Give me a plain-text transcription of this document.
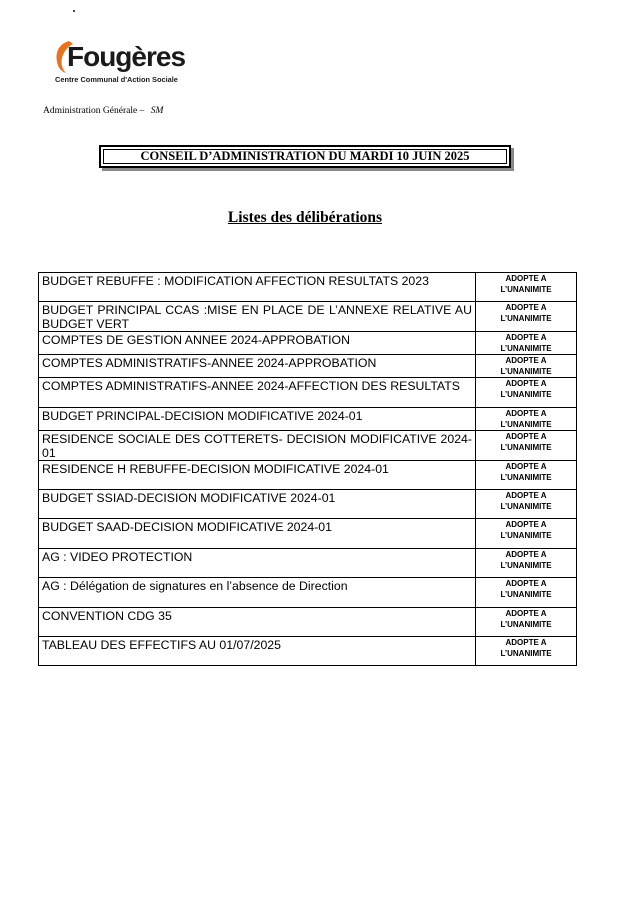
Fougères
Centre Communal d'Action Sociale
Administration Générale – SM
CONSEIL D’ADMINISTRATION DU MARDI 10 JUIN 2025
Listes des délibérations
BUDGET REBUFFE : MODIFICATION AFFECTION RESULTATS 2023	ADOPTE A
L’UNANIMITE

BUDGET PRINCIPAL CCAS :MISE EN PLACE DE L’ANNEXE RELATIVE AU BUDGET VERT	ADOPTE A
L’UNANIMITE

COMPTES DE GESTION ANNEE 2024-APPROBATION	ADOPTE A
L’UNANIMITE

COMPTES ADMINISTRATIFS-ANNEE 2024-APPROBATION	ADOPTE A
L’UNANIMITE

COMPTES ADMINISTRATIFS-ANNEE 2024-AFFECTION DES RESULTATS	ADOPTE A
L’UNANIMITE

BUDGET PRINCIPAL-DECISION MODIFICATIVE 2024-01	ADOPTE A
L’UNANIMITE

RESIDENCE SOCIALE DES COTTERETS- DECISION MODIFICATIVE 2024-01	ADOPTE A
L’UNANIMITE

RESIDENCE H REBUFFE-DECISION MODIFICATIVE 2024-01	ADOPTE A
L’UNANIMITE

BUDGET SSIAD-DECISION MODIFICATIVE 2024-01	ADOPTE A
L’UNANIMITE

BUDGET SAAD-DECISION MODIFICATIVE 2024-01	ADOPTE A
L’UNANIMITE

AG : VIDEO PROTECTION	ADOPTE A
L’UNANIMITE

AG : Délégation de signatures en l’absence de Direction	ADOPTE A
L’UNANIMITE

CONVENTION CDG 35	ADOPTE A
L’UNANIMITE

TABLEAU DES EFFECTIFS AU 01/07/2025	ADOPTE A
L’UNANIMITE
